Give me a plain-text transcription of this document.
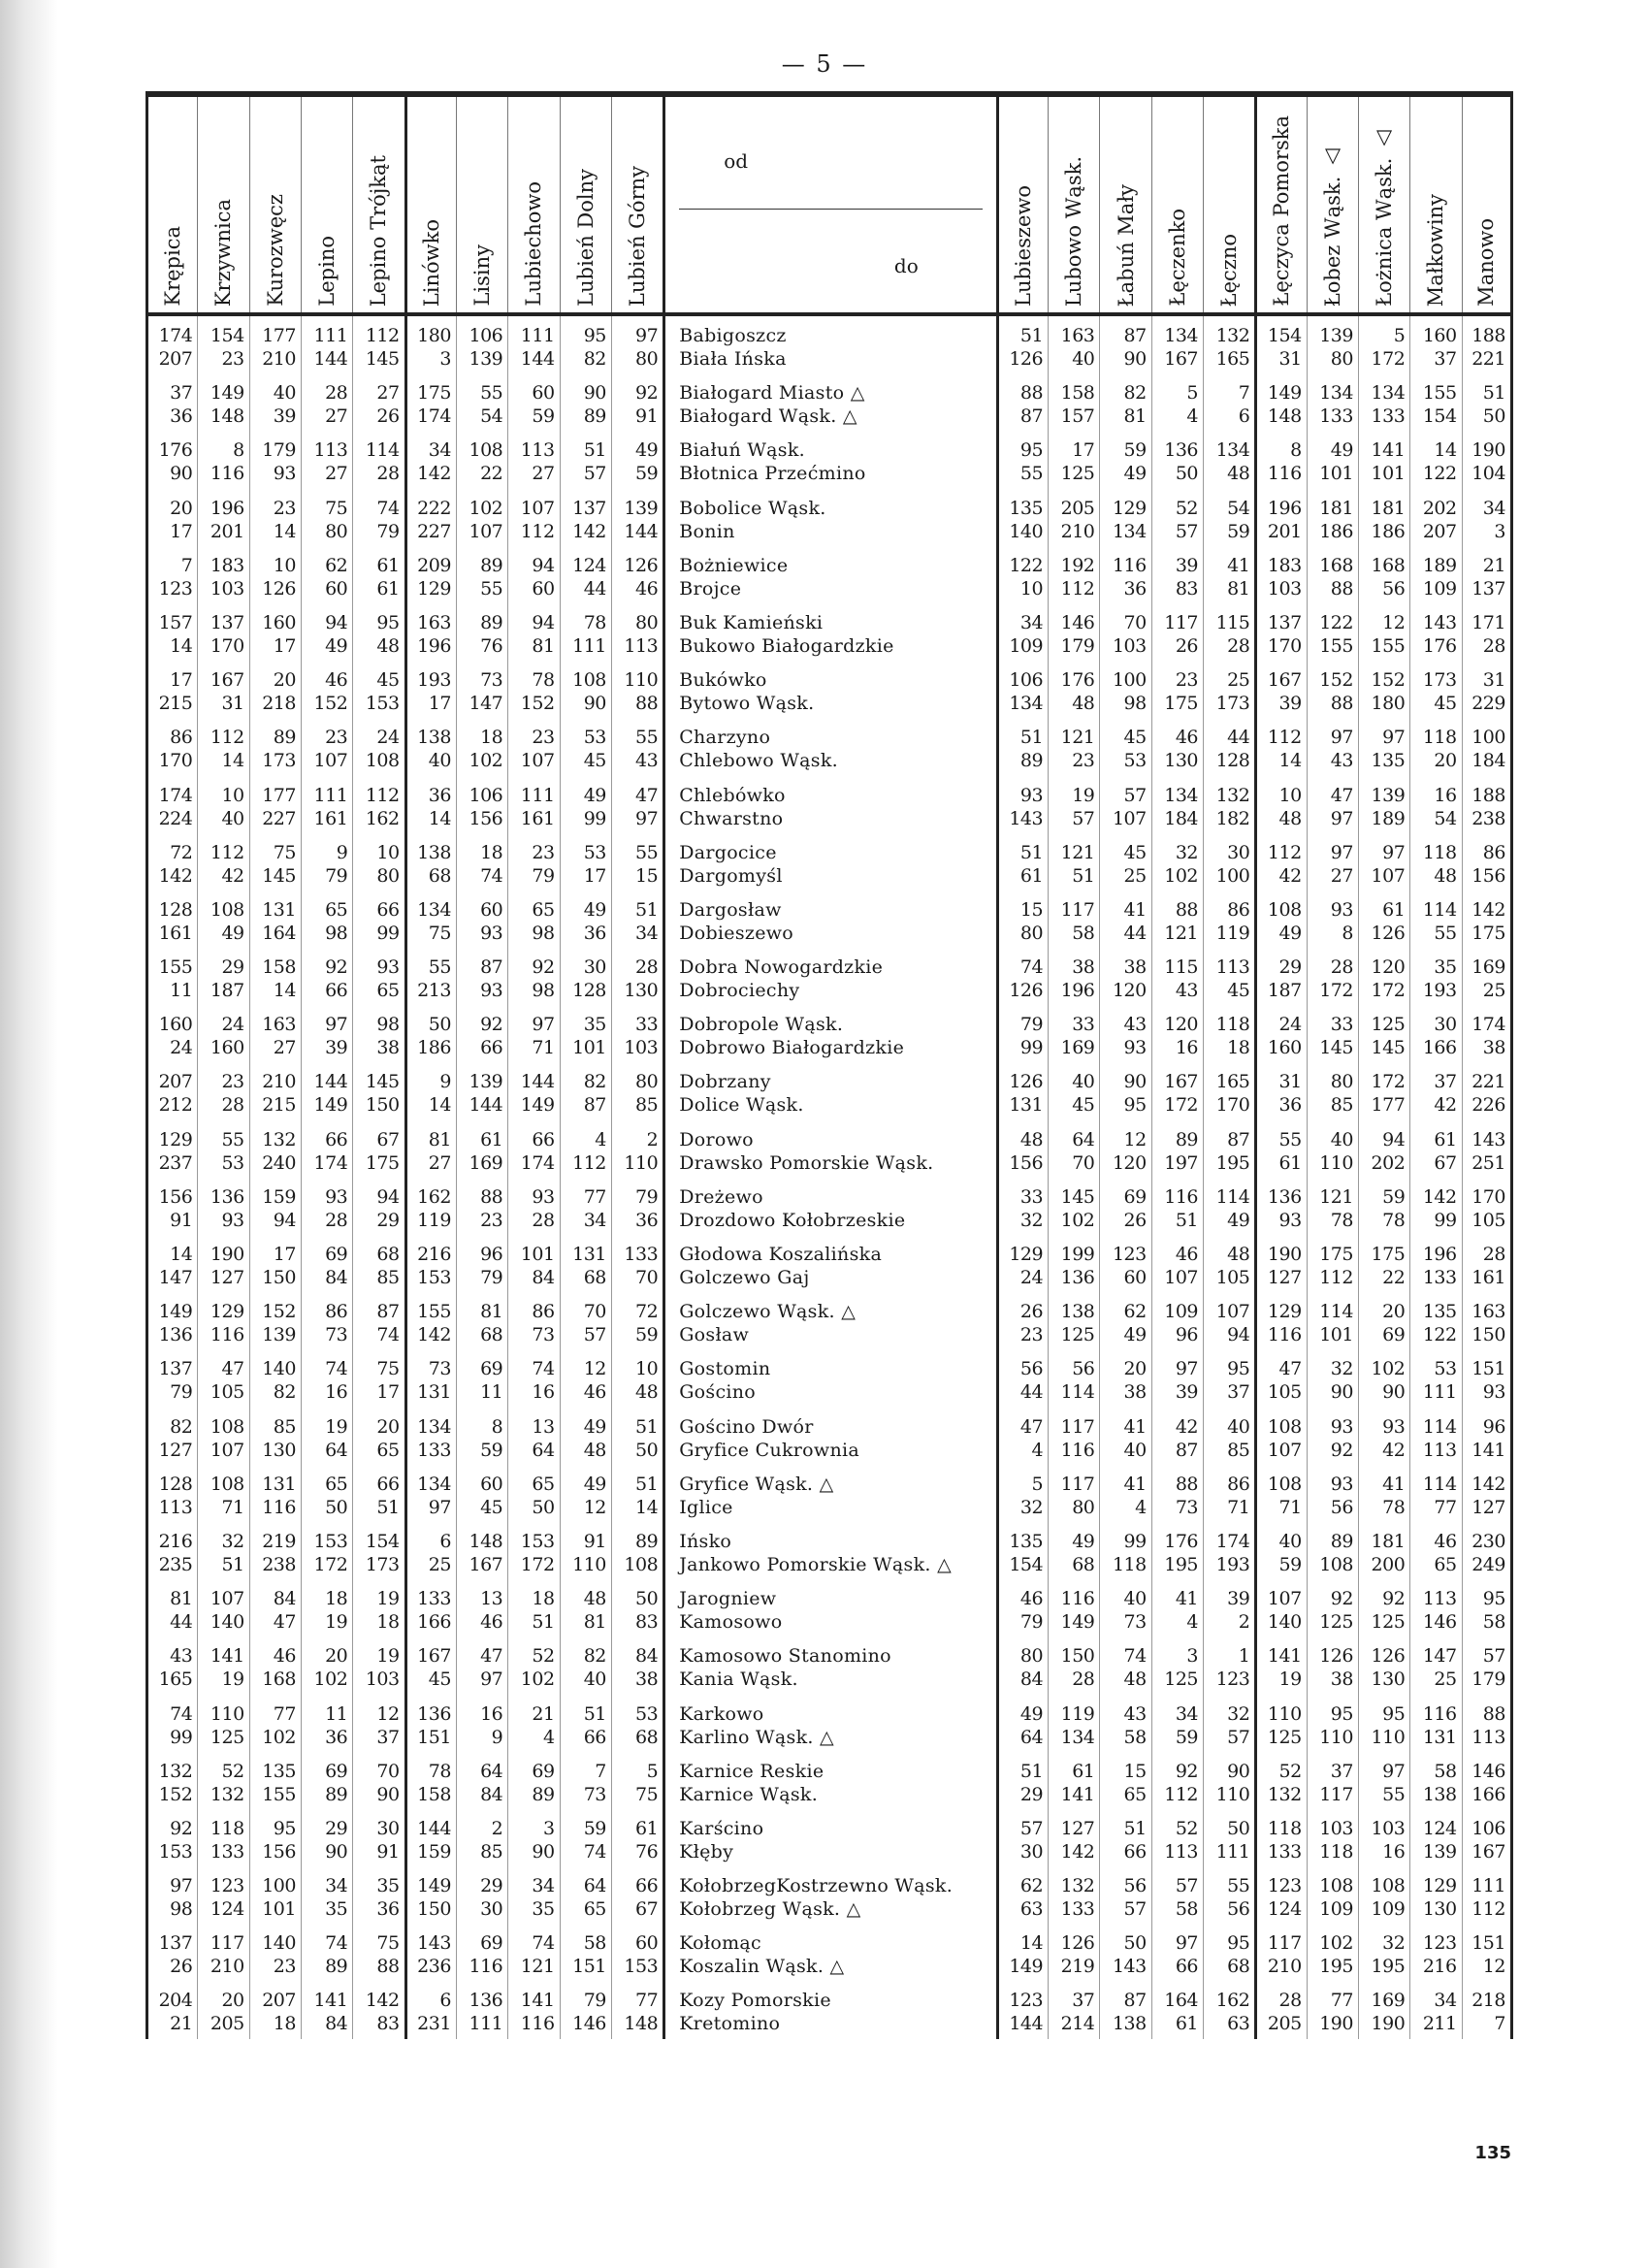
— 5 —
Krępica Krzywnica Kurozwęcz Lepino Lepino Trójkąt Linówko Lisiny Lubiechowo Lubień Dolny Lubień Górny
od
do	Lubieszewo Lubowo Wąsk. Łabuń Mały Łęczenko Łęczno Łęczyca Pomorska Łobez Wąsk. △ Łożnica Wąsk. △ Małkowiny Manowo
174
207
37
36
176
90
20
17
7
123
157
14
17
215
86
170
174
224
72
142
128
161
155
11
160
24
207
212
129
237
156
91
14
147
149
136
137
79
82
127
128
113
216
235
81
44
43
165
74
99
132
152
92
153
97
98
137
26
204
21
154
23
149
148
8
116
196
201
183
103
137
170
167
31
112
14
10
40
112
42
108
49
29
187
24
160
23
28
55
53
136
93
190
127
129
116
47
105
108
107
108
71
32
51
107
140
141
19
110
125
52
132
118
133
123
124
117
210
20
205
177
210
40
39
179
93
23
14
10
126
160
17
20
218
89
173
177
227
75
145
131
164
158
14
163
27
210
215
132
240
159
94
17
150
152
139
140
82
85
130
131
116
219
238
84
47
46
168
77
102
135
155
95
156
100
101
140
23
207
18
111
144
28
27
113
27
75
80
62
60
94
49
46
152
23
107
111
161
9
79
65
98
92
66
97
39
144
149
66
174
93
28
69
84
86
73
74
16
19
64
65
50
153
172
18
19
20
102
11
36
69
89
29
90
34
35
74
89
141
84
112
145
27
26
114
28
74
79
61
61
95
48
45
153
24
108
112
162
10
80
66
99
93
65
98
38
145
150
67
175
94
29
68
85
87
74
75
17
20
65
66
51
154
173
19
18
19
103
12
37
70
90
30
91
35
36
75
88
142
83
180
3
175
174
34
142
222
227
209
129
163
196
193
17
138
40
36
14
138
68
134
75
55
213
50
186
9
14
81
27
162
119
216
153
155
142
73
131
134
133
134
97
6
25
133
166
167
45
136
151
78
158
144
159
149
150
143
236
6
231
106
139
55
54
108
22
102
107
89
55
89
76
73
147
18
102
106
156
18
74
60
93
87
93
92
66
139
144
61
169
88
23
96
79
81
68
69
11
8
59
60
45
148
167
13
46
47
97
16
9
64
84
2
85
29
30
69
116
136
111
111
144
60
59
113
27
107
112
94
60
94
81
78
152
23
107
111
161
23
79
65
98
92
98
97
71
144
149
66
174
93
28
101
84
86
73
74
16
13
64
65
50
153
172
18
51
52
102
21
4
69
89
3
90
34
35
74
121
141
116
95
82
90
89
51
57
137
142
124
44
78
111
108
90
53
45
49
99
53
17
49
36
30
128
35
101
82
87
4
112
77
34
131
68
70
57
12
46
49
48
49
12
91
110
48
81
82
40
51
66
7
73
59
74
64
65
58
151
79
146
97
80
92
91
49
59
139
144
126
46
80
113
110
88
55
43
47
97
55
15
51
34
28
130
33
103
80
85
2
110
79
36
133
70
72
59
10
48
51
50
51
14
89
108
50
83
84
38
53
68
5
75
61
76
66
67
60
153
77
148
Babigoszcz
Biała Ińska
Białogard Miasto △
Białogard Wąsk. △
Białuń Wąsk.
Błotnica Przećmino
Bobolice Wąsk.
Bonin
Bożniewice
Brojce
Buk Kamieński
Bukowo Białogardzkie
Bukówko
Bytowo Wąsk.
Charzyno
Chlebowo Wąsk.
Chlebówko
Chwarstno
Dargocice
Dargomyśl
Dargosław
Dobieszewo
Dobra Nowogardzkie
Dobrociechy
Dobropole Wąsk.
Dobrowo Białogardzkie
Dobrzany
Dolice Wąsk.
Dorowo
Drawsko Pomorskie Wąsk.
Dreżewo
Drozdowo Kołobrzeskie
Głodowa Koszalińska
Golczewo Gaj
Golczewo Wąsk. △
Gosław
Gostomin
Gościno
Gościno Dwór
Gryfice Cukrownia
Gryfice Wąsk. △
Iglice
Ińsko
Jankowo Pomorskie Wąsk. △
Jarogniew
Kamosowo
Kamosowo Stanomino
Kania Wąsk.
Karkowo
Karlino Wąsk. △
Karnice Reskie
Karnice Wąsk.
Karścino
Kłęby
KołobrzegKostrzewno Wąsk.
Kołobrzeg Wąsk. △
Kołomąc
Koszalin Wąsk. △
Kozy Pomorskie
Kretomino
51
126
88
87
95
55
135
140
122
10
34
109
106
134
51
89
93
143
51
61
15
80
74
126
79
99
126
131
48
156
33
32
129
24
26
23
56
44
47
4
5
32
135
154
46
79
80
84
49
64
51
29
57
30
62
63
14
149
123
144
163
40
158
157
17
125
205
210
192
112
146
179
176
48
121
23
19
57
121
51
117
58
38
196
33
169
40
45
64
70
145
102
199
136
138
125
56
114
117
116
117
80
49
68
116
149
150
28
119
134
61
141
127
142
132
133
126
219
37
214
87
90
82
81
59
49
129
134
116
36
70
103
100
98
45
53
57
107
45
25
41
44
38
120
43
93
90
95
12
120
69
26
123
60
62
49
20
38
41
40
41
4
99
118
40
73
74
48
43
58
15
65
51
66
56
57
50
143
87
138
134
167
5
4
136
50
52
57
39
83
117
26
23
175
46
130
134
184
32
102
88
121
115
43
120
16
167
172
89
197
116
51
46
107
109
96
97
39
42
87
88
73
176
195
41
4
3
125
34
59
92
112
52
113
57
58
97
66
164
61
132
165
7
6
134
48
54
59
41
81
115
28
25
173
44
128
132
182
30
100
86
119
113
45
118
18
165
170
87
195
114
49
48
105
107
94
95
37
40
85
86
71
174
193
39
2
1
123
32
57
90
110
50
111
55
56
95
68
162
63
154
31
149
148
8
116
196
201
183
103
137
170
167
39
112
14
10
48
112
42
108
49
29
187
24
160
31
36
55
61
136
93
190
127
129
116
47
105
108
107
108
71
40
59
107
140
141
19
110
125
52
132
118
133
123
124
117
210
28
205
139
80
134
133
49
101
181
186
168
88
122
155
152
88
97
43
47
97
97
27
93
8
28
172
33
145
80
85
40
110
121
78
175
112
114
101
32
90
93
92
93
56
89
108
92
125
126
38
95
110
37
117
103
118
108
109
102
195
77
190
5
172
134
133
141
101
181
186
168
56
12
155
152
180
97
135
139
189
97
107
61
126
120
172
125
145
172
177
94
202
59
78
175
22
20
69
102
90
93
42
41
78
181
200
92
125
126
130
95
110
97
55
103
16
108
109
32
195
169
190
160
37
155
154
14
122
202
207
189
109
143
176
173
45
118
20
16
54
118
48
114
55
35
193
30
166
37
42
61
67
142
99
196
133
135
122
53
111
114
113
114
77
46
65
113
146
147
25
116
131
58
138
124
139
129
130
123
216
34
211
188
221
51
50
190
104
34
3
21
137
171
28
31
229
100
184
188
238
86
156
142
175
169
25
174
38
221
226
143
251
170
105
28
161
163
150
151
93
96
141
142
127
230
249
95
58
57
179
88
113
146
166
106
167
111
112
151
12
218
7
135
